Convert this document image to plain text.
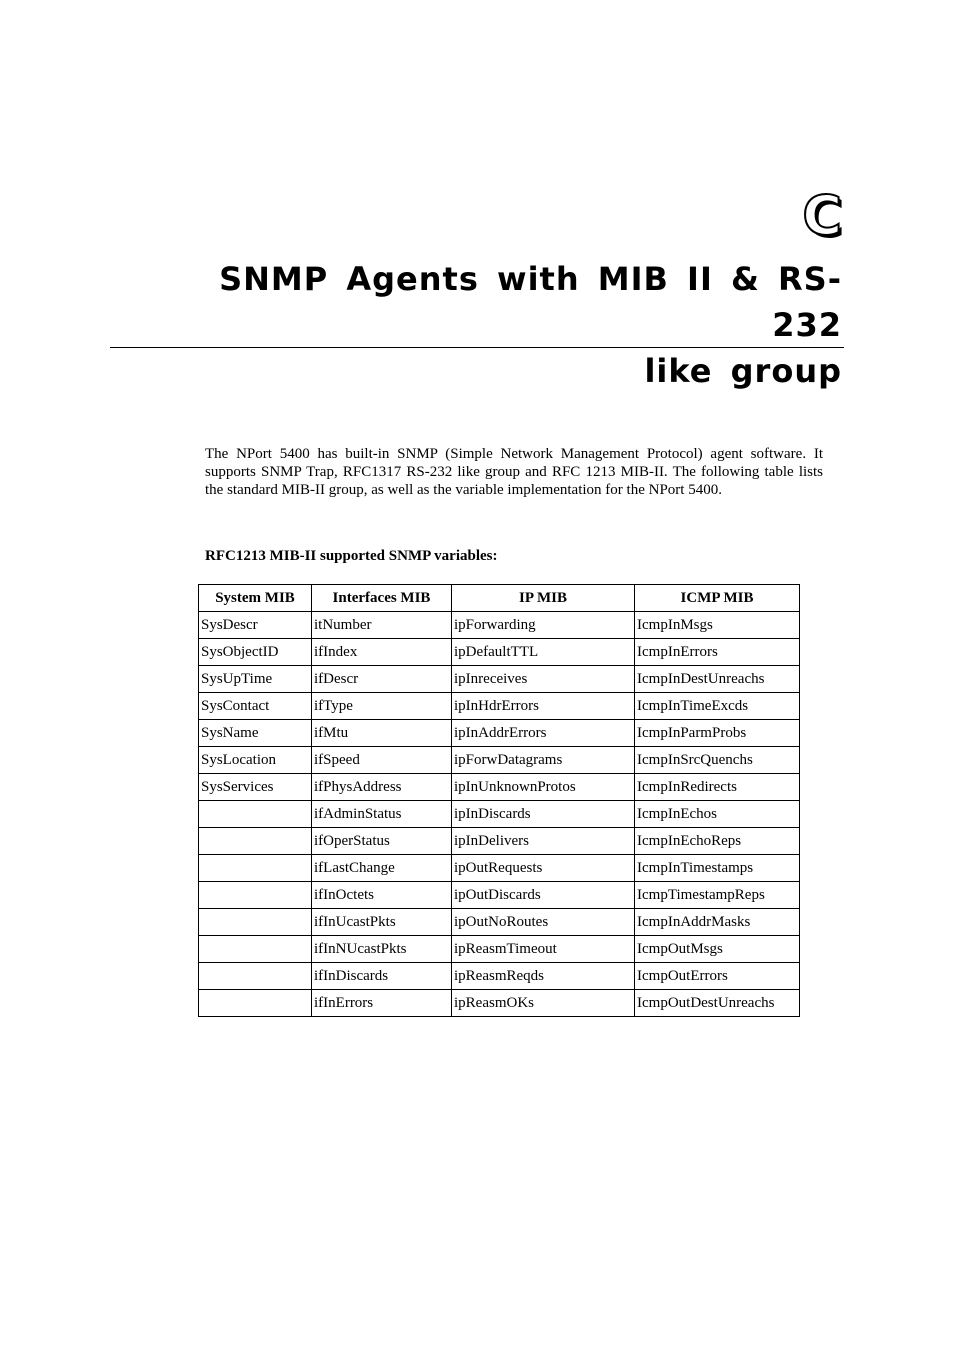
C
SNMP Agents with MIB II & RS-232
like group

The NPort 5400 has built-in SNMP (Simple Network Management Protocol) agent software. It supports SNMP Trap, RFC1317 RS-232 like group and RFC 1213 MIB-II. The following table lists the standard MIB-II group, as well as the variable implementation for the NPort 5400.

RFC1213 MIB-II supported SNMP variables:
System MIB	Interfaces MIB	IP MIB	ICMP MIB
SysDescr	itNumber	ipForwarding	IcmpInMsgs
SysObjectID	ifIndex	ipDefaultTTL	IcmpInErrors
SysUpTime	ifDescr	ipInreceives	IcmpInDestUnreachs
SysContact	ifType	ipInHdrErrors	IcmpInTimeExcds
SysName	ifMtu	ipInAddrErrors	IcmpInParmProbs
SysLocation	ifSpeed	ipForwDatagrams	IcmpInSrcQuenchs
SysServices	ifPhysAddress	ipInUnknownProtos	IcmpInRedirects
	ifAdminStatus	ipInDiscards	IcmpInEchos
	ifOperStatus	ipInDelivers	IcmpInEchoReps
	ifLastChange	ipOutRequests	IcmpInTimestamps
	ifInOctets	ipOutDiscards	IcmpTimestampReps
	ifInUcastPkts	ipOutNoRoutes	IcmpInAddrMasks
	ifInNUcastPkts	ipReasmTimeout	IcmpOutMsgs
	ifInDiscards	ipReasmReqds	IcmpOutErrors
	ifInErrors	ipReasmOKs	IcmpOutDestUnreachs
